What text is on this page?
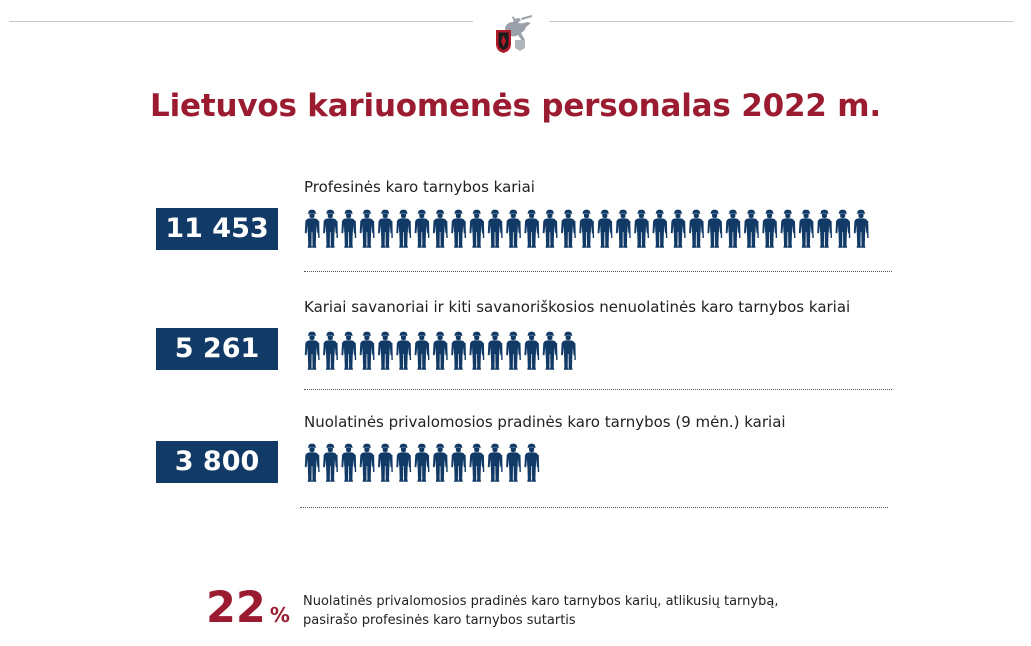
Lietuvos kariuomenės personalas 2022 m.
Profesinės karo tarnybos kariai
11 453
Kariai savanoriai ir kiti savanoriškosios nenuolatinės karo tarnybos kariai
5 261
Nuolatinės privalomosios pradinės karo tarnybos (9 mėn.) kariai
3 800
22 %
Nuolatinės privalomosios pradinės karo tarnybos karių, atlikusių tarnybą,
pasirašo profesinės karo tarnybos sutartis
